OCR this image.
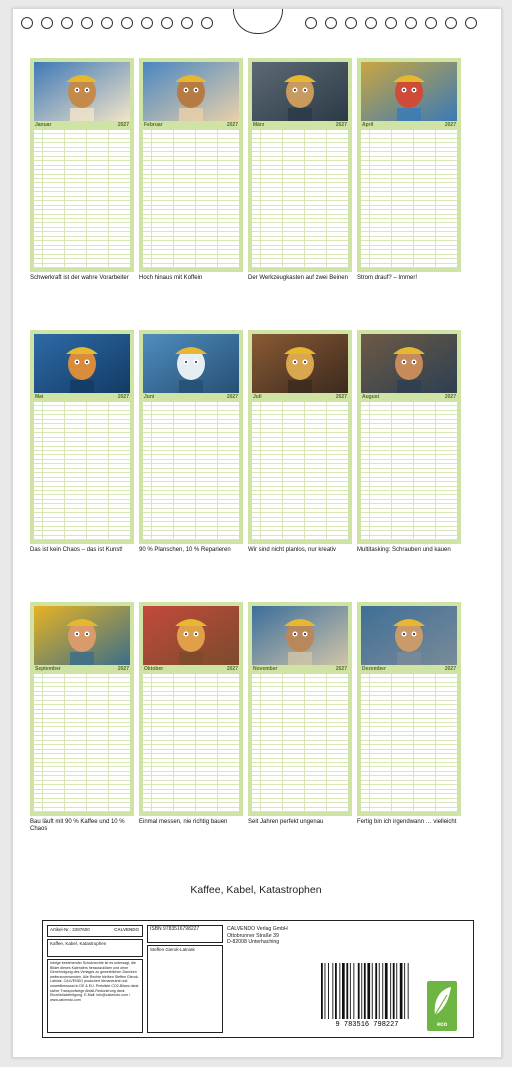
Januar	2027
Schwerkraft ist der wahre Vorarbeiter
Februar	2027
Hoch hinaus mit Koffein
März	2027
Der Werkzeugkasten auf zwei Beinen
April	2027
Strom drauf? – Immer!
Mai	2027
Das ist kein Chaos – das ist Kunst!
Juni	2027
90 % Planschen, 10 % Reparieren
Juli	2027
Wir sind nicht planlos, nur kreativ
August	2027
Multitasking: Schrauben und kauen
September	2027
Bau läuft mit 90 % Kaffee und 10 % Chaos
Oktober	2027
Einmal messen, nie richtig bauen
November	2027
Seit Jahren perfekt ungenau
Dezember	2027
Fertig bin ich irgendwann … vielleicht
Kaffee, Kabel, Katastrophen
Artikel-Nr.: 2297600	CALVENDO
Kaffee, Kabel, Katastrophen
Infolge bestehender Schutzrechte ist es untersagt, die Bilder dieses Kalenders herauszulösen und ohne Genehmigung des Verlages zu gewerblichen Zwecken weiterzuverwenden. Alle Rechte bleiben Steffen Gierok-Latniak. CALVENDO produziert klimaneutral und umweltbewusst in DE & EU. Preisliste CO2-Bilanz dank sicher Transportwege Abfall-Reduzierung dank Einzelstückfertigung. E-Mail: info@calvendo.com / www.calvendo.com
ISBN 9783516798227
Steffen Gierok-Latniak
CALVENDO Verlag GmbH
Ottobrunner Straße 39
D-82008 Unterhaching
9 783516 798227	eco
